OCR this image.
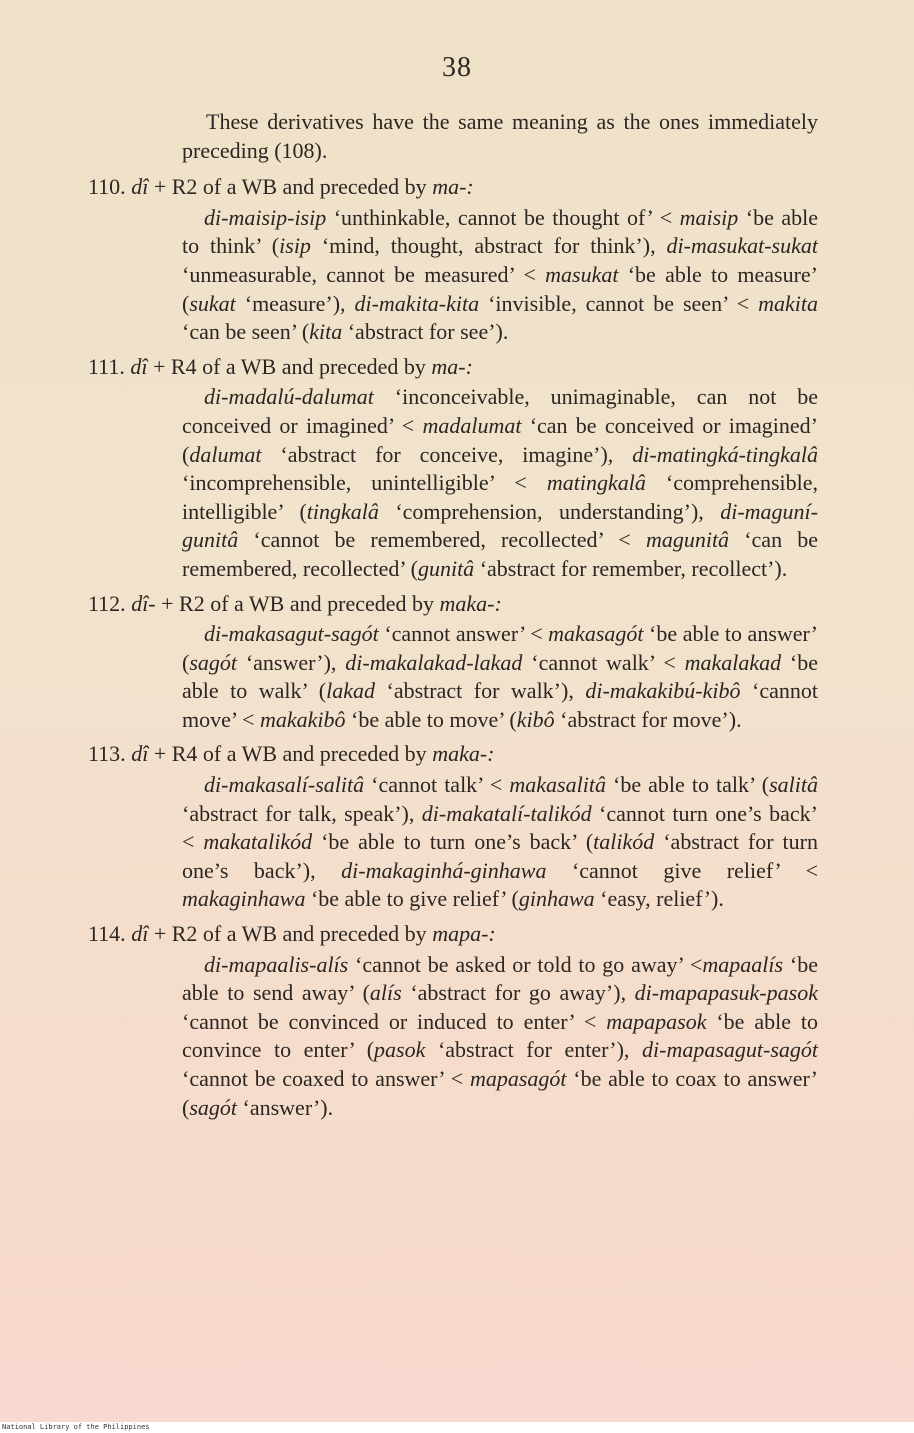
38

These derivatives have the same meaning as the ones immediately preceding (108).

110. dî + R2 of a WB and preceded by ma-:

di-maisip-isip ‘unthinkable, cannot be thought of’ < maisip ‘be able to think’ (isip ‘mind, thought, abstract for think’), di-masukat-sukat ‘unmeasurable, cannot be measured’ < masukat ‘be able to measure’ (sukat ‘measure’), di-makita-kita ‘invisible, cannot be seen’ < makita ‘can be seen’ (kita ‘abstract for see’).

111. dî + R4 of a WB and preceded by ma-:

di-madalú-dalumat ‘inconceivable, unimaginable, can not be conceived or imagined’ < madalumat ‘can be conceived or imagined’ (dalumat ‘abstract for conceive, imagine’), di-matingká-tingkalâ ‘incomprehensible, unintelligible’ < matingkalâ ‘comprehensible, intelligible’ (tingkalâ ‘comprehension, understanding’), di-maguní-gunitâ ‘cannot be remembered, recollected’ < magunitâ ‘can be remembered, recollected’ (gunitâ ‘abstract for remember, recollect’).

112. dî- + R2 of a WB and preceded by maka-:

di-makasagut-sagót ‘cannot answer’ < makasagót ‘be able to answer’ (sagót ‘answer’), di-makalakad-lakad ‘cannot walk’ < makalakad ‘be able to walk’ (lakad ‘abstract for walk’), di-makakibú-kibô ‘cannot move’ < makakibô ‘be able to move’ (kibô ‘abstract for move’).

113. dî + R4 of a WB and preceded by maka-:

di-makasalí-salitâ ‘cannot talk’ < makasalitâ ‘be able to talk’ (salitâ ‘abstract for talk, speak’), di-makatalí-talikód ‘cannot turn one’s back’ < makatalikód ‘be able to turn one’s back’ (talikód ‘abstract for turn one’s back’), di-makaginhá-ginhawa ‘cannot give relief’ < makaginhawa ‘be able to give relief’ (ginhawa ‘easy, relief’).

114. dî + R2 of a WB and preceded by mapa-:

di-mapaalis-alís ‘cannot be asked or told to go away’ <mapaalís ‘be able to send away’ (alís ‘abstract for go away’), di-mapapasuk-pasok ‘cannot be convinced or induced to enter’ < mapapasok ‘be able to convince to enter’ (pasok ‘abstract for enter’), di-mapasagut-sagót ‘cannot be coaxed to answer’ < mapasagót ‘be able to coax to answer’ (sagót ‘answer’).

National Library of the Philippines
